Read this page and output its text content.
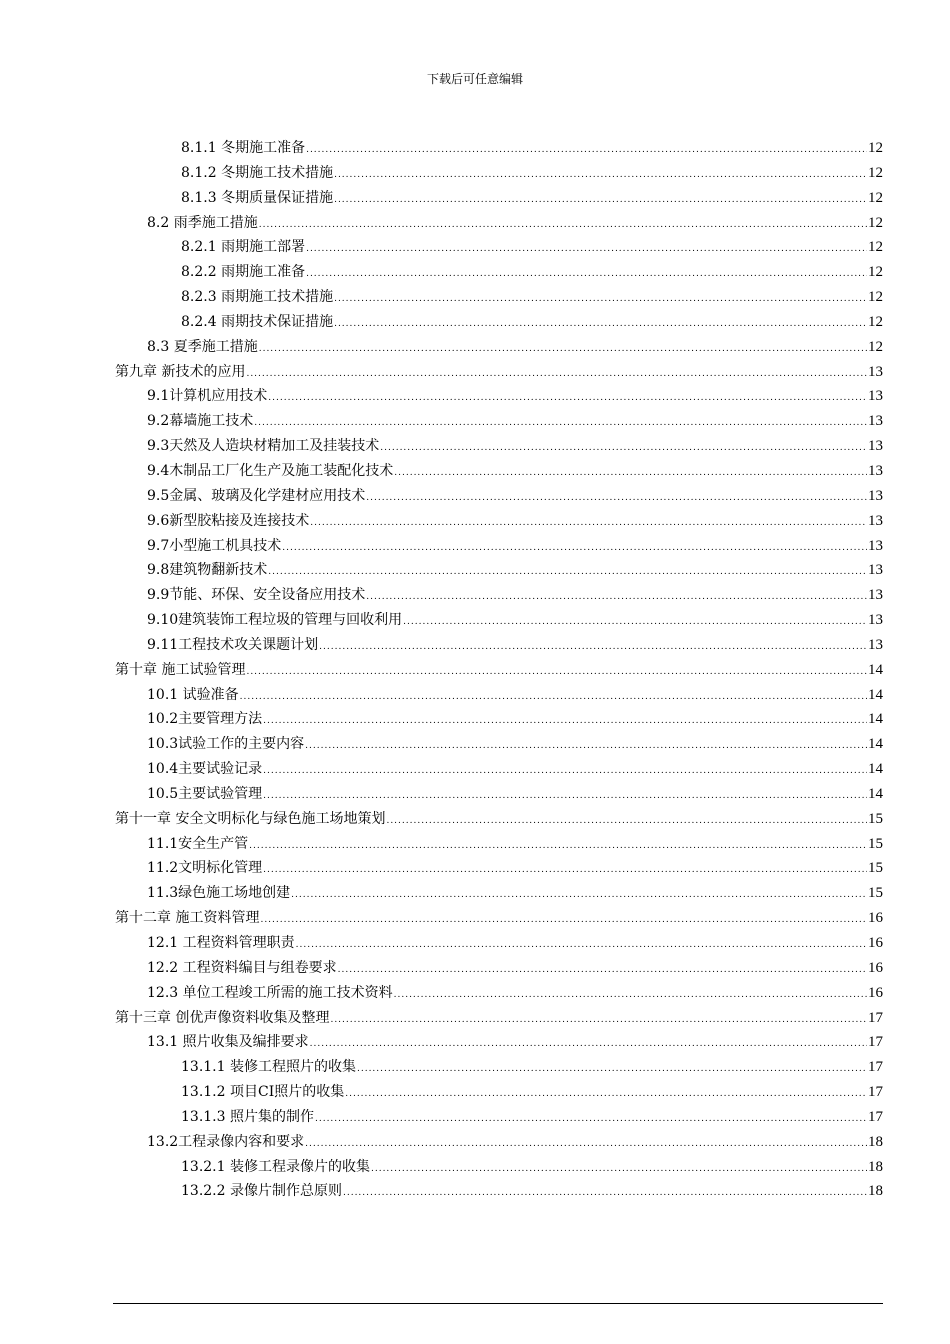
下载后可任意编辑
8.1.1 冬期施工准备 .....	12
8.1.2 冬期施工技术措施 .....	12
8.1.3 冬期质量保证措施 .....	12
8.2 雨季施工措施 .....	12
8.2.1 雨期施工部署 .....	12
8.2.2 雨期施工准备 .....	12
8.2.3 雨期施工技术措施 .....	12
8.2.4 雨期技术保证措施 .....	12
8.3 夏季施工措施 .....	12
第九章 新技术的应用 .....	13
9.1计算机应用技术 .....	13
9.2幕墙施工技术 .....	13
9.3天然及人造块材精加工及挂装技术 .....	13
9.4木制品工厂化生产及施工装配化技术 .....	13
9.5金属、玻璃及化学建材应用技术 .....	13
9.6新型胶粘接及连接技术 .....	13
9.7小型施工机具技术 .....	13
9.8建筑物翻新技术 .....	13
9.9节能、环保、安全设备应用技术 .....	13
9.10建筑装饰工程垃圾的管理与回收利用 .....	13
9.11工程技术攻关课题计划 .....	13
第十章 施工试验管理 .....	14
10.1 试验准备 .....	14
10.2主要管理方法 .....	14
10.3试验工作的主要内容 .....	14
10.4主要试验记录 .....	14
10.5主要试验管理 .....	14
第十一章 安全文明标化与绿色施工场地策划 .....	15
11.1安全生产管 .....	15
11.2文明标化管理 .....	15
11.3绿色施工场地创建 .....	15
第十二章 施工资料管理 .....	16
12.1 工程资料管理职责 .....	16
12.2 工程资料编目与组卷要求 .....	16
12.3 单位工程竣工所需的施工技术资料 .....	16
第十三章 创优声像资料收集及整理 .....	17
13.1 照片收集及编排要求 .....	17
13.1.1 装修工程照片的收集 .....	17
13.1.2 项目CI照片的收集 .....	17
13.1.3 照片集的制作 .....	17
13.2工程录像内容和要求 .....	18
13.2.1 装修工程录像片的收集 .....	18
13.2.2 录像片制作总原则 .....	18
